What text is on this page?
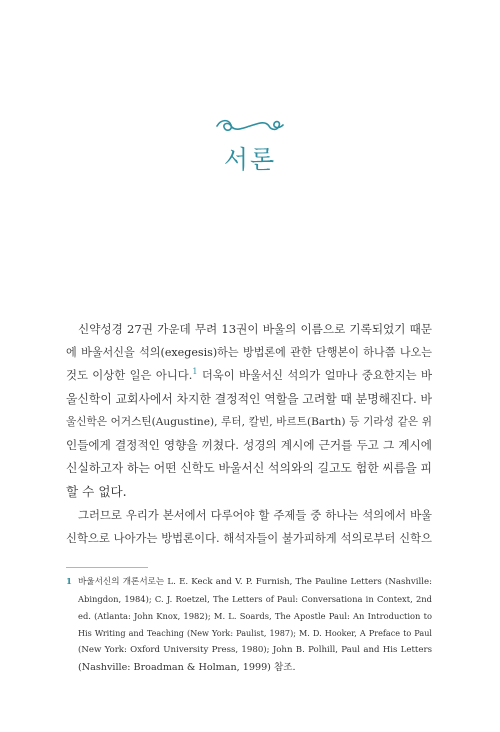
서론
신약성경 27권 가운데 무려 13권이 바울의 이름으로 기록되었기 때문
에 바울서신을 석의(exegesis)하는 방법론에 관한 단행본이 하나쯤 나오는
것도 이상한 일은 아니다.$^1$ 더욱이 바울서신 석의가 얼마나 중요한지는 바
울신학이 교회사에서 차지한 결정적인 역할을 고려할 때 분명해진다. 바
울신학은 어거스틴(Augustine), 루터, 칼빈, 바르트(Barth) 등 기라성 같은 위
인들에게 결정적인 영향을 끼쳤다. 성경의 계시에 근거를 두고 그 계시에
신실하고자 하는 어떤 신학도 바울서신 석의와의 길고도 험한 씨름을 피
할 수 없다.
그러므로 우리가 본서에서 다루어야 할 주제들 중 하나는 석의에서 바울
신학으로 나아가는 방법론이다. 해석자들이 불가피하게 석의로부터 신학으
1 바울서신의 개론서로는 L. E. Keck and V. P. Furnish, The Pauline Letters (Nashville:
Abingdon, 1984); C. J. Roetzel, The Letters of Paul: Conversationa in Context, 2nd
ed. (Atlanta: John Knox, 1982); M. L. Soards, The Apostle Paul: An Introduction to
His Writing and Teaching (New York: Paulist, 1987); M. D. Hooker, A Preface to Paul
(New York: Oxford University Press, 1980); John B. Polhill, Paul and His Letters
(Nashville: Broadman & Holman, 1999) 참조.
